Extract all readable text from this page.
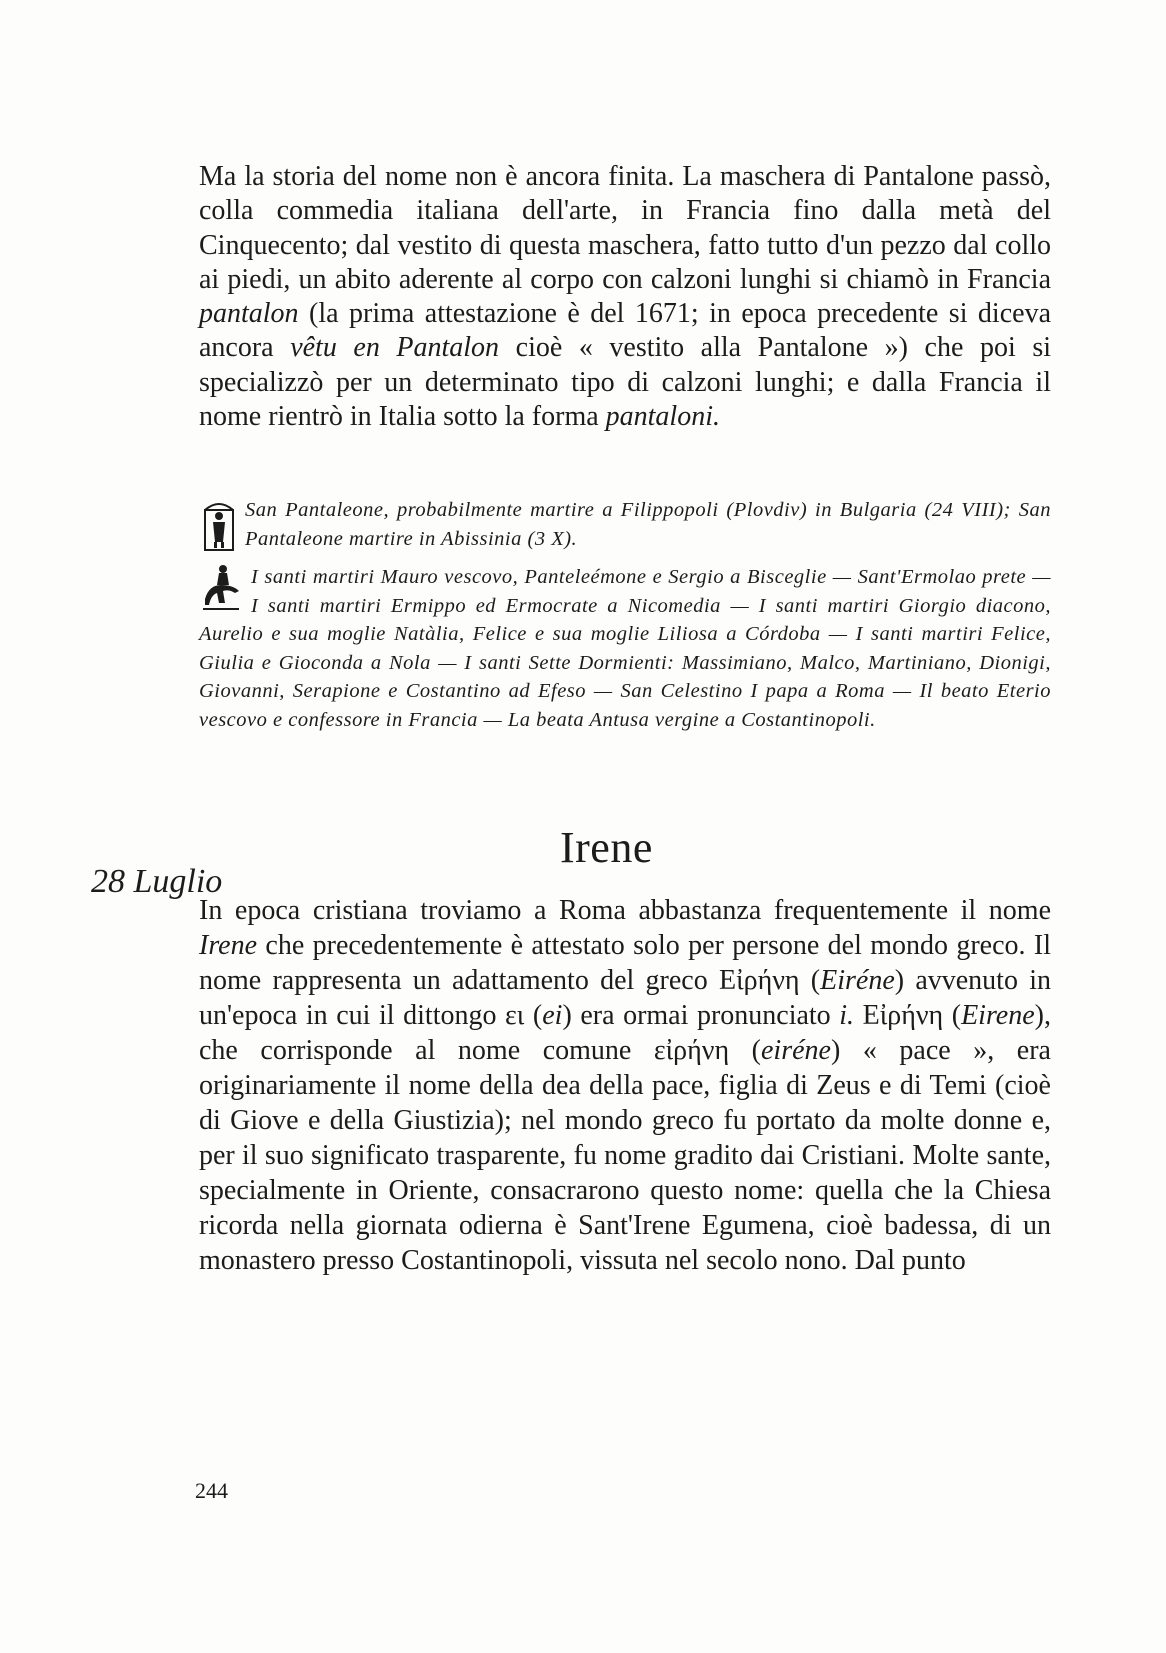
Ma la storia del nome non è ancora finita. La maschera di Pantalone passò, colla commedia italiana dell'arte, in Francia fino dalla metà del Cinquecento; dal vestito di questa maschera, fatto tutto d'un pezzo dal collo ai piedi, un abito aderente al corpo con calzoni lunghi si chiamò in Francia pantalon (la prima attestazione è del 1671; in epoca precedente si diceva ancora vêtu en Pantalon cioè « vestito alla Pantalone ») che poi si specializzò per un determinato tipo di calzoni lunghi; e dalla Francia il nome rientrò in Italia sotto la forma pantaloni.

San Pantaleone, probabilmente martire a Filippopoli (Plovdiv) in Bulgaria (24 VIII); San Pantaleone martire in Abissinia (3 X).
I santi martiri Mauro vescovo, Panteleémone e Sergio a Bisceglie — Sant'Ermolao prete — I santi martiri Ermippo ed Ermocrate a Nicomedia — I santi martiri Giorgio diacono, Aurelio e sua moglie Natàlia, Felice e sua moglie Liliosa a Córdoba — I santi martiri Felice, Giulia e Gioconda a Nola — I santi Sette Dormienti: Massimiano, Malco, Martiniano, Dionigi, Giovanni, Serapione e Costantino ad Efeso — San Celestino I papa a Roma — Il beato Eterio vescovo e confessore in Francia — La beata Antusa vergine a Costantinopoli.
Irene
28 Luglio

In epoca cristiana troviamo a Roma abbastanza frequentemente il nome Irene che precedentemente è attestato solo per persone del mondo greco. Il nome rappresenta un adattamento del greco Εἰρήνη (Eiréne) avvenuto in un'epoca in cui il dittongo ει (ei) era ormai pronunciato i. Εἰρήνη (Eirene), che corrisponde al nome comune εἰρήνη (eiréne) « pace », era originariamente il nome della dea della pace, figlia di Zeus e di Temi (cioè di Giove e della Giustizia); nel mondo greco fu portato da molte donne e, per il suo significato trasparente, fu nome gradito dai Cristiani. Molte sante, specialmente in Oriente, consacrarono questo nome: quella che la Chiesa ricorda nella giornata odierna è Sant'Irene Egumena, cioè badessa, di un monastero presso Costantinopoli, vissuta nel secolo nono. Dal punto

244
